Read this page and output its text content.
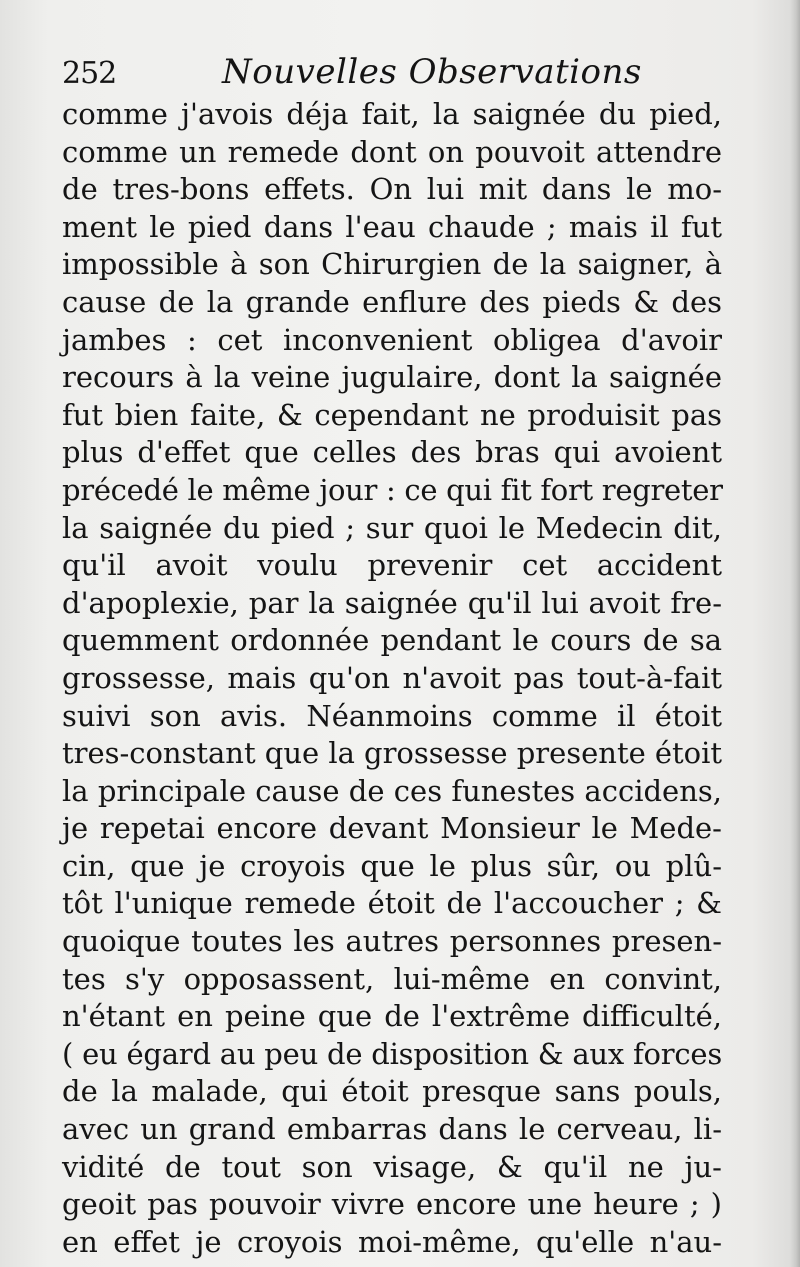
252	Nouvelles Observations
comme j'avois déja fait, la saignée du pied,
comme un remede dont on pouvoit attendre
de tres-bons effets. On lui mit dans le mo-
ment le pied dans l'eau chaude ; mais il fut
impossible à son Chirurgien de la saigner, à
cause de la grande enflure des pieds & des
jambes : cet inconvenient obligea d'avoir
recours à la veine jugulaire, dont la saignée
fut bien faite, & cependant ne produisit pas
plus d'effet que celles des bras qui avoient
précedé le même jour : ce qui fit fort regreter
la saignée du pied ; sur quoi le Medecin dit,
qu'il avoit voulu prevenir cet accident
d'apoplexie, par la saignée qu'il lui avoit fre-
quemment ordonnée pendant le cours de sa
grossesse, mais qu'on n'avoit pas tout-à-fait
suivi son avis. Néanmoins comme il étoit
tres-constant que la grossesse presente étoit
la principale cause de ces funestes accidens,
je repetai encore devant Monsieur le Mede-
cin, que je croyois que le plus sûr, ou plû-
tôt l'unique remede étoit de l'accoucher ; &
quoique toutes les autres personnes presen-
tes s'y opposassent, lui-même en convint,
n'étant en peine que de l'extrême difficulté,
( eu égard au peu de disposition & aux forces
de la malade, qui étoit presque sans pouls,
avec un grand embarras dans le cerveau, li-
vidité de tout son visage, & qu'il ne ju-
geoit pas pouvoir vivre encore une heure ; )
en effet je croyois moi-même, qu'elle n'au-
